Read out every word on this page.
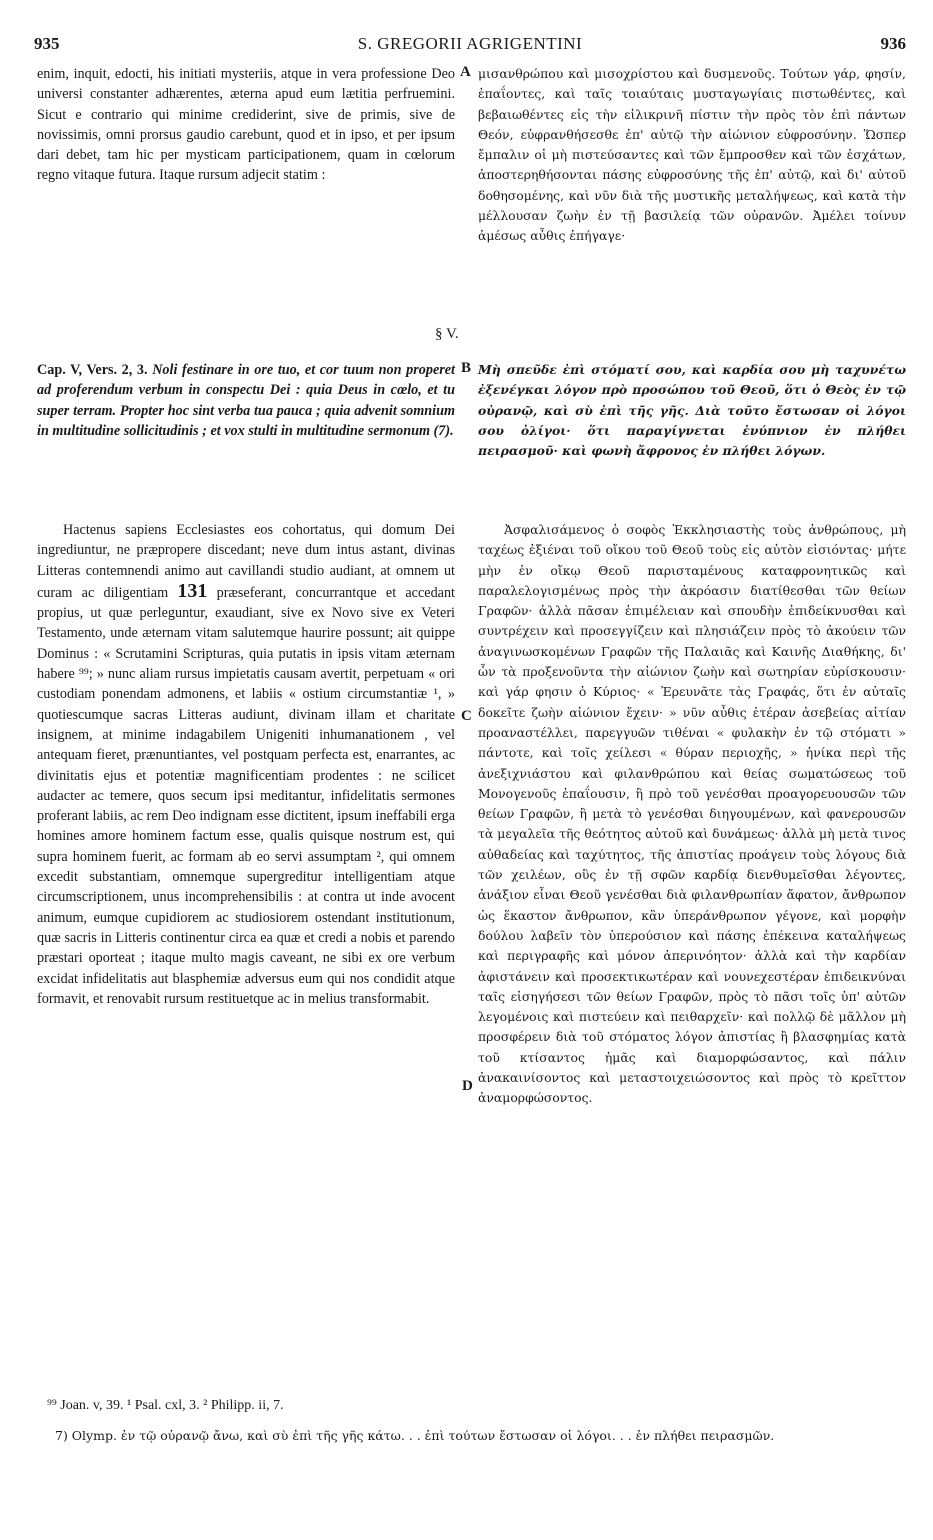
935	S. GREGORII AGRIGENTINI	936

enim, inquit, edocti, his initiati mysteriis, atque in vera professione Deo universi constanter adhærentes, æterna apud eum lætitia perfruemini. Sicut e contrario qui minime crediderint, sive de primis, sive de novissimis, omni prorsus gaudio carebunt, quod et in ipso, et per ipsum dari debet, tam hic per mysticam participationem, quam in cœlorum regno vitaque futura. Itaque rursum adjecit statim :

μισανθρώπου καὶ μισοχρίστου καὶ δυσμενοῦς. Τούτων γάρ, φησίν, ἐπαΐοντες, καὶ ταῖς τοιαύταις μυσταγωγίαις πιστωθέντες, καὶ βεβαιωθέντες εἰς τὴν εἰλικρινῆ πίστιν τὴν πρὸς τὸν ἐπὶ πάντων Θεόν, εὐφρανθήσεσθε ἐπ' αὐτῷ τὴν αἰώνιον εὐφροσύνην. Ὥσπερ ἔμπαλιν οἱ μὴ πιστεύσαντες καὶ τῶν ἔμπροσθεν καὶ τῶν ἐσχάτων, ἀποστερηθήσονται πάσης εὐφροσύνης τῆς ἐπ' αὐτῷ, καὶ δι' αὐτοῦ δοθησομένης, καὶ νῦν διὰ τῆς μυστικῆς μεταλήψεως, καὶ κατὰ τὴν μέλλουσαν ζωὴν ἐν τῇ βασιλείᾳ τῶν οὐρανῶν. Ἀμέλει τοίνυν ἀμέσως αὖθις ἐπήγαγε·

A
§ V.
B

Cap. V, Vers. 2, 3. Noli festinare in ore tuo, et cor tuum non properet ad proferendum verbum in conspectu Dei : quia Deus in cœlo, et tu super terram. Propter hoc sint verba tua pauca ; quia advenit somnium in multitudine sollicitudinis ; et vox stulti in multitudine sermonum (7).

Μὴ σπεῦδε ἐπὶ στόματί σου, καὶ καρδία σου μὴ ταχυνέτω ἐξενέγκαι λόγον πρὸ προσώπου τοῦ Θεοῦ, ὅτι ὁ Θεὸς ἐν τῷ οὐρανῷ, καὶ σὺ ἐπὶ τῆς γῆς. Διὰ τοῦτο ἔστωσαν οἱ λόγοι σου ὀλίγοι· ὅτι παραγίγνεται ἐνύπνιον ἐν πλήθει πειρασμοῦ· καὶ φωνὴ ἄφρονος ἐν πλήθει λόγων.

Hactenus sapiens Ecclesiastes eos cohortatus, qui domum Dei ingrediuntur, ne præpropere discedant; neve dum intus astant, divinas Litteras contemnendi animo aut cavillandi studio audiant, at omnem ut curam ac diligentiam 131 præseferant, concurrantque et accedant propius, ut quæ perleguntur, exaudiant, sive ex Novo sive ex Veteri Testamento, unde æternam vitam salutemque haurire possunt; ait quippe Dominus : « Scrutamini Scripturas, quia putatis in ipsis vitam æternam habere ⁹⁹; » nunc aliam rursus impietatis causam avertit, perpetuam « ori custodiam ponendam admonens, et labiis « ostium circumstantiæ ¹, » quotiescumque sacras Litteras audiunt, divinam illam et charitate insignem, at minime indagabilem Unigeniti inhumanationem , vel antequam fieret, prænuntiantes, vel postquam perfecta est, enarrantes, ac divinitatis ejus et potentiæ magnificentiam prodentes : ne scilicet audacter ac temere, quos secum ipsi meditantur, infidelitatis sermones proferant labiis, ac rem Deo indignam esse dictitent, ipsum ineffabili erga homines amore hominem factum esse, qualis quisque nostrum est, qui supra hominem fuerit, ac formam ab eo servi assumptam ², qui omnem excedit substantiam, omnemque supergreditur intelligentiam atque circumscriptionem, unus incomprehensibilis : at contra ut inde avocent animum, eumque cupidiorem ac studiosiorem ostendant institutionum, quæ sacris in Litteris continentur circa ea quæ et credi a nobis et parendo præstari oporteat ; itaque multo magis caveant, ne sibi ex ore verbum excidat infidelitatis aut blasphemiæ adversus eum qui nos condidit atque formavit, et renovabit rursum restituetque ac in melius transformabit.

Ἀσφαλισάμενος ὁ σοφὸς Ἐκκλησιαστὴς τοὺς ἀνθρώπους, μὴ ταχέως ἐξιέναι τοῦ οἴκου τοῦ Θεοῦ τοὺς εἰς αὐτὸν εἰσιόντας· μήτε μὴν ἐν οἴκῳ Θεοῦ παρισταμένους καταφρονητικῶς καὶ παραλελογισμένως πρὸς τὴν ἀκρόασιν διατίθεσθαι τῶν θείων Γραφῶν· ἀλλὰ πᾶσαν ἐπιμέλειαν καὶ σπουδὴν ἐπιδείκνυσθαι καὶ συντρέχειν καὶ προσεγγίζειν καὶ πλησιάζειν πρὸς τὸ ἀκούειν τῶν ἀναγινωσκομένων Γραφῶν τῆς Παλαιᾶς καὶ Καινῆς Διαθήκης, δι' ὧν τὰ προξενοῦντα τὴν αἰώνιον ζωὴν καὶ σωτηρίαν εὑρίσκουσιν· καὶ γάρ φησιν ὁ Κύριος· « Ἐρευνᾶτε τὰς Γραφάς, ὅτι ἐν αὐταῖς δοκεῖτε ζωὴν αἰώνιον ἔχειν· » νῦν αὖθις ἑτέραν ἀσεβείας αἰτίαν προαναστέλλει, παρεγγυῶν τιθέναι « φυλακὴν ἐν τῷ στόματι » πάντοτε, καὶ τοῖς χείλεσι « θύραν περιοχῆς, » ἡνίκα περὶ τῆς ἀνεξιχνιάστου καὶ φιλανθρώπου καὶ θείας σωματώσεως τοῦ Μονογενοῦς ἐπαΐουσιν, ἢ πρὸ τοῦ γενέσθαι προαγορευουσῶν τῶν θείων Γραφῶν, ἢ μετὰ τὸ γενέσθαι διηγουμένων, καὶ φανερουσῶν τὰ μεγαλεῖα τῆς θεότητος αὐτοῦ καὶ δυνάμεως· ἀλλὰ μὴ μετὰ τινος αὐθαδείας καὶ ταχύτητος, τῆς ἀπιστίας προάγειν τοὺς λόγους διὰ τῶν χειλέων, οὓς ἐν τῇ σφῶν καρδίᾳ διενθυμεῖσθαι λέγοντες, ἀνάξιον εἶναι Θεοῦ γενέσθαι διὰ φιλανθρωπίαν ἄφατον, ἄνθρωπον ὡς ἕκαστον ἄνθρωπον, κἂν ὑπεράνθρωπον γέγονε, καὶ μορφὴν δούλου λαβεῖν τὸν ὑπερούσιον καὶ πάσης ἐπέκεινα καταλήψεως καὶ περιγραφῆς καὶ μόνον ἀπερινόητον· ἀλλὰ καὶ τὴν καρδίαν ἀφιστάνειν καὶ προσεκτικωτέραν καὶ νουνεχεστέραν ἐπιδεικνύναι ταῖς εἰσηγήσεσι τῶν θείων Γραφῶν, πρὸς τὸ πᾶσι τοῖς ὑπ' αὐτῶν λεγομένοις καὶ πιστεύειν καὶ πειθαρχεῖν· καὶ πολλῷ δὲ μᾶλλον μὴ προσφέρειν διὰ τοῦ στόματος λόγον ἀπιστίας ἢ βλασφημίας κατὰ τοῦ κτίσαντος ἡμᾶς καὶ διαμορφώσαντος, καὶ πάλιν ἀνακαινίσοντος καὶ μεταστοιχειώσοντος καὶ πρὸς τὸ κρεῖττον ἀναμορφώσοντος.

C
D
⁹⁹ Joan. v, 39. ¹ Psal. cxl, 3. ² Philipp. ii, 7.
7) Olymp. ἐν τῷ οὐρανῷ ἄνω, καὶ σὺ ἐπὶ τῆς γῆς κάτω. . . ἐπὶ τούτων ἔστωσαν οἱ λόγοι. . . ἐν πλήθει πειρασμῶν.
